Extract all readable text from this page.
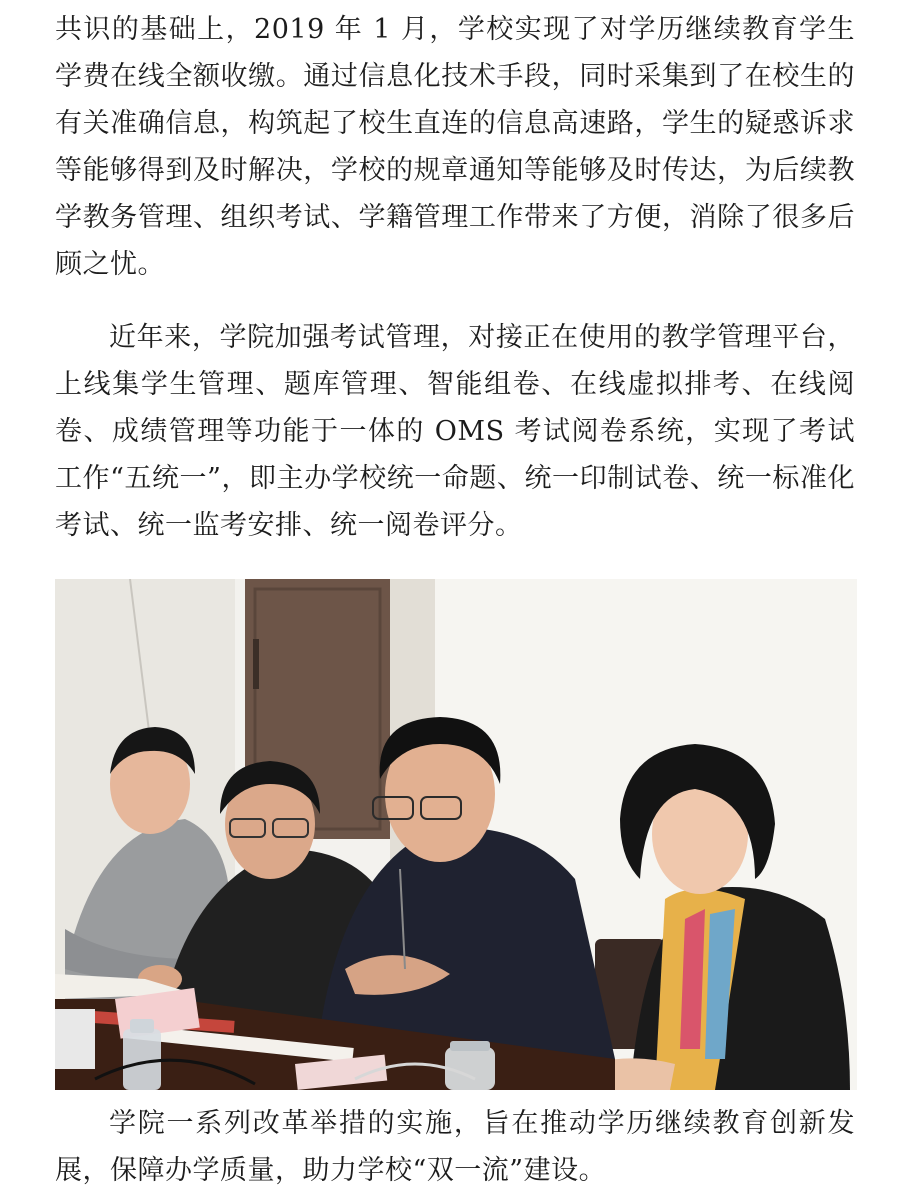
共识的基础上，2019 年 1 月，学校实现了对学历继续教育学生学费在线全额收缴。通过信息化技术手段，同时采集到了在校生的有关准确信息，构筑起了校生直连的信息高速路，学生的疑惑诉求等能够得到及时解决，学校的规章通知等能够及时传达，为后续教学教务管理、组织考试、学籍管理工作带来了方便，消除了很多后顾之忧。

近年来，学院加强考试管理，对接正在使用的教学管理平台，上线集学生管理、题库管理、智能组卷、在线虚拟排考、在线阅卷、成绩管理等功能于一体的 OMS 考试阅卷系统，实现了考试工作“五统一”，即主办学校统一命题、统一印制试卷、统一标准化考试、统一监考安排、统一阅卷评分。

学院一系列改革举措的实施，旨在推动学历继续教育创新发展，保障办学质量，助力学校“双一流”建设。
